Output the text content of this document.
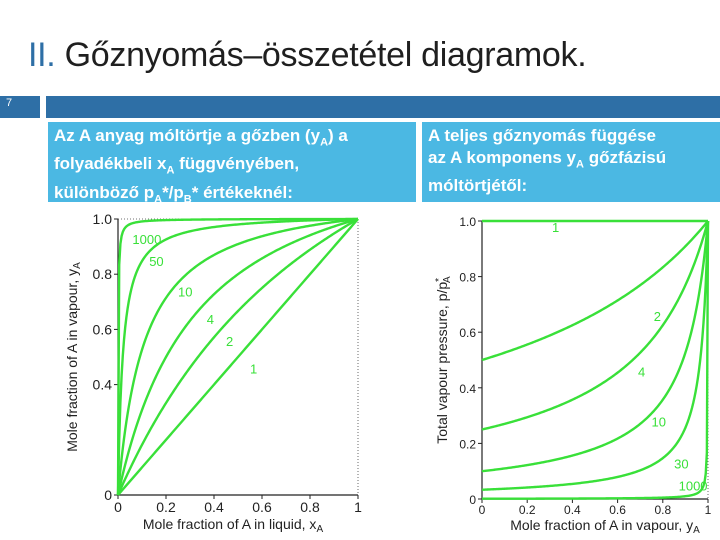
II. Gőznyomás–összetétel diagramok.
7
Az A anyag móltörtje a gőzben $(y_A)$ a
folyadékbeli $x_A$ függvényében,
különböző $p_A*/p_B*$ értékeknél:
A teljes gőznyomás függése
az A komponens $y_A$ gőzfázisú
móltörtjétől:
0 0.2 0.4 0.6 0.8 1
0
0.4
0.6
0.8
1.0
1000
50
10
4
2
1
Mole fraction of A in liquid, $x_A$
Mole fraction of A in vapour, $y_A$
0	0.2 0.4 0.6 0.8	1
0
0.2
0.4
0.6
0.8
1.0	1
2
4
10
30
1000
Mole fraction of A in vapour, $y_A$
Total vapour pressure, p/p*A
